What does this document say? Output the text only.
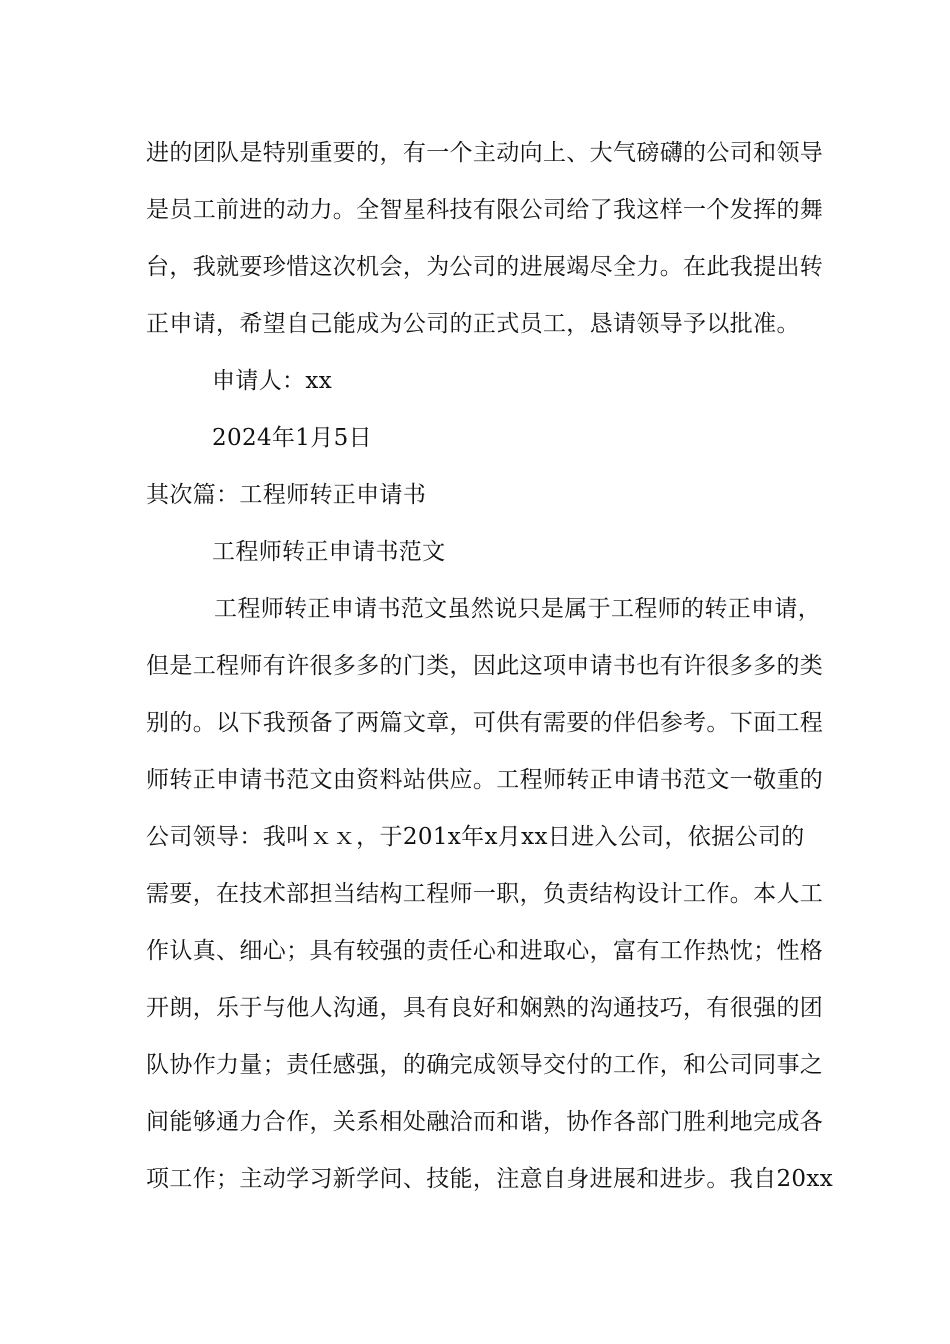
进的团队是特别重要的，有一个主动向上、大气磅礴的公司和领导
是员工前进的动力。全智星科技有限公司给了我这样一个发挥的舞
台，我就要珍惜这次机会，为公司的进展竭尽全力。在此我提出转
正申请，希望自己能成为公司的正式员工，恳请领导予以批准。
申请人：xx
2024年1月5日
其次篇：工程师转正申请书
工程师转正申请书范文
工程师转正申请书范文虽然说只是属于工程师的转正申请，
但是工程师有许很多多的门类，因此这项申请书也有许很多多的类
别的。以下我预备了两篇文章，可供有需要的伴侣参考。下面工程
师转正申请书范文由资料站供应。工程师转正申请书范文一敬重的
公司领导：我叫ｘｘ，于201x年x月xx日进入公司，依据公司的
需要，在技术部担当结构工程师一职，负责结构设计工作。本人工
作认真、细心；具有较强的责任心和进取心，富有工作热忱；性格
开朗，乐于与他人沟通，具有良好和娴熟的沟通技巧，有很强的团
队协作力量；责任感强，的确完成领导交付的工作，和公司同事之
间能够通力合作，关系相处融洽而和谐，协作各部门胜利地完成各
项工作；主动学习新学问、技能，注意自身进展和进步。我自20xx
